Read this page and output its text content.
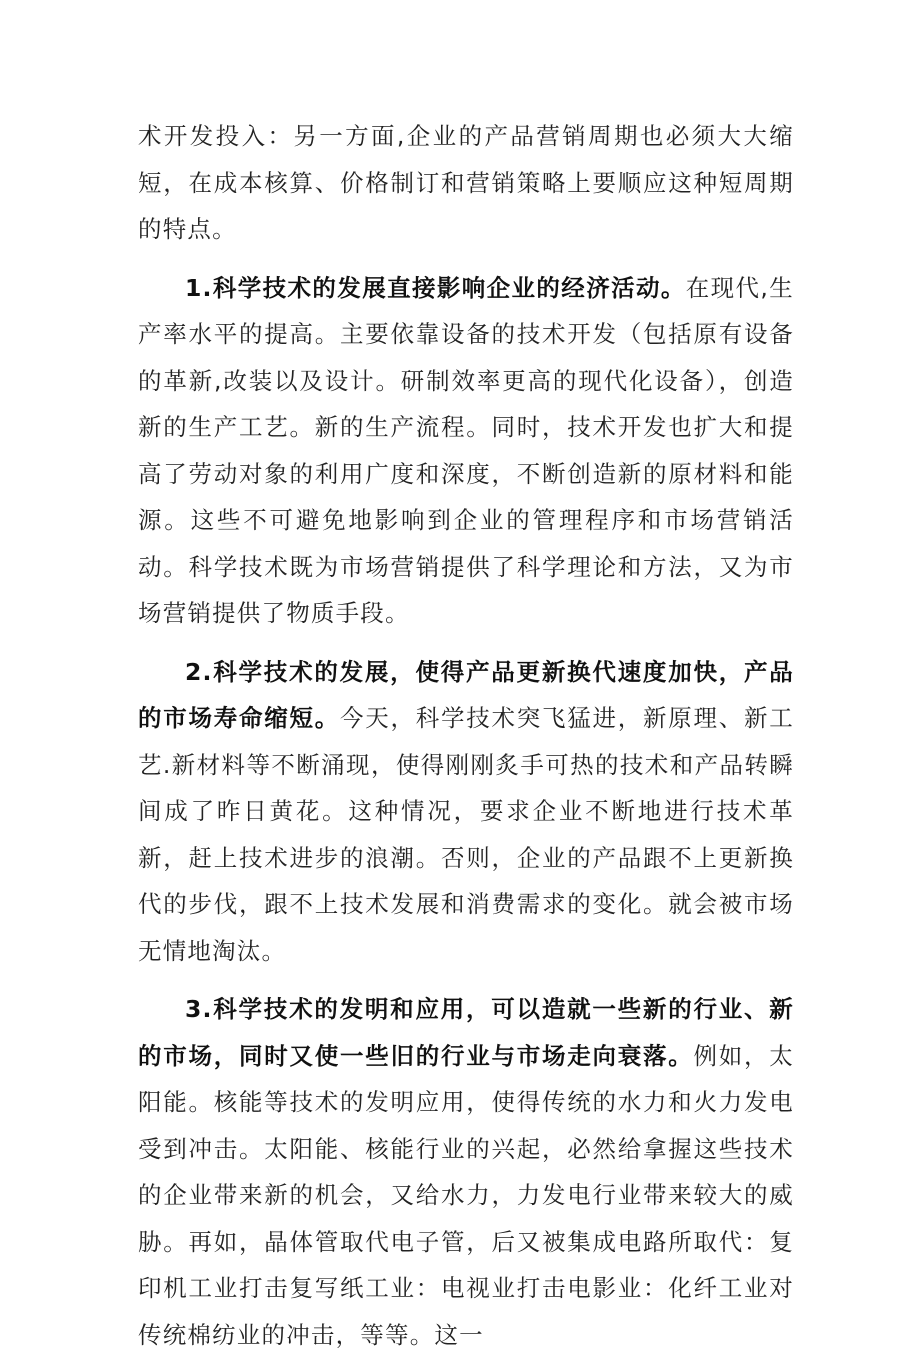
术开发投入：另一方面,企业的产品营销周期也必须大大缩短，在成本核算、价格制订和营销策略上要顺应这种短周期的特点。

1.科学技术的发展直接影响企业的经济活动。在现代,生产率水平的提高。主要依靠设备的技术开发（包括原有设备的革新,改装以及设计。研制效率更高的现代化设备），创造新的生产工艺。新的生产流程。同时，技术开发也扩大和提高了劳动对象的利用广度和深度，不断创造新的原材料和能源。这些不可避免地影响到企业的管理程序和市场营销活动。科学技术既为市场营销提供了科学理论和方法，又为市场营销提供了物质手段。

2.科学技术的发展，使得产品更新换代速度加快，产品的市场寿命缩短。今天，科学技术突飞猛进，新原理、新工艺.新材料等不断涌现，使得刚刚炙手可热的技术和产品转瞬间成了昨日黄花。这种情况，要求企业不断地进行技术革新，赶上技术进步的浪潮。否则，企业的产品跟不上更新换代的步伐，跟不上技术发展和消费需求的变化。就会被市场无情地淘汰。

3.科学技术的发明和应用，可以造就一些新的行业、新的市场，同时又使一些旧的行业与市场走向衰落。例如，太阳能。核能等技术的发明应用，使得传统的水力和火力发电受到冲击。太阳能、核能行业的兴起，必然给拿握这些技术的企业带来新的机会，又给水力，力发电行业带来较大的威胁。再如，晶体管取代电子管，后又被集成电路所取代：复印机工业打击复写纸工业：电视业打击电影业：化纤工业对传统棉纺业的冲击，等等。这一
